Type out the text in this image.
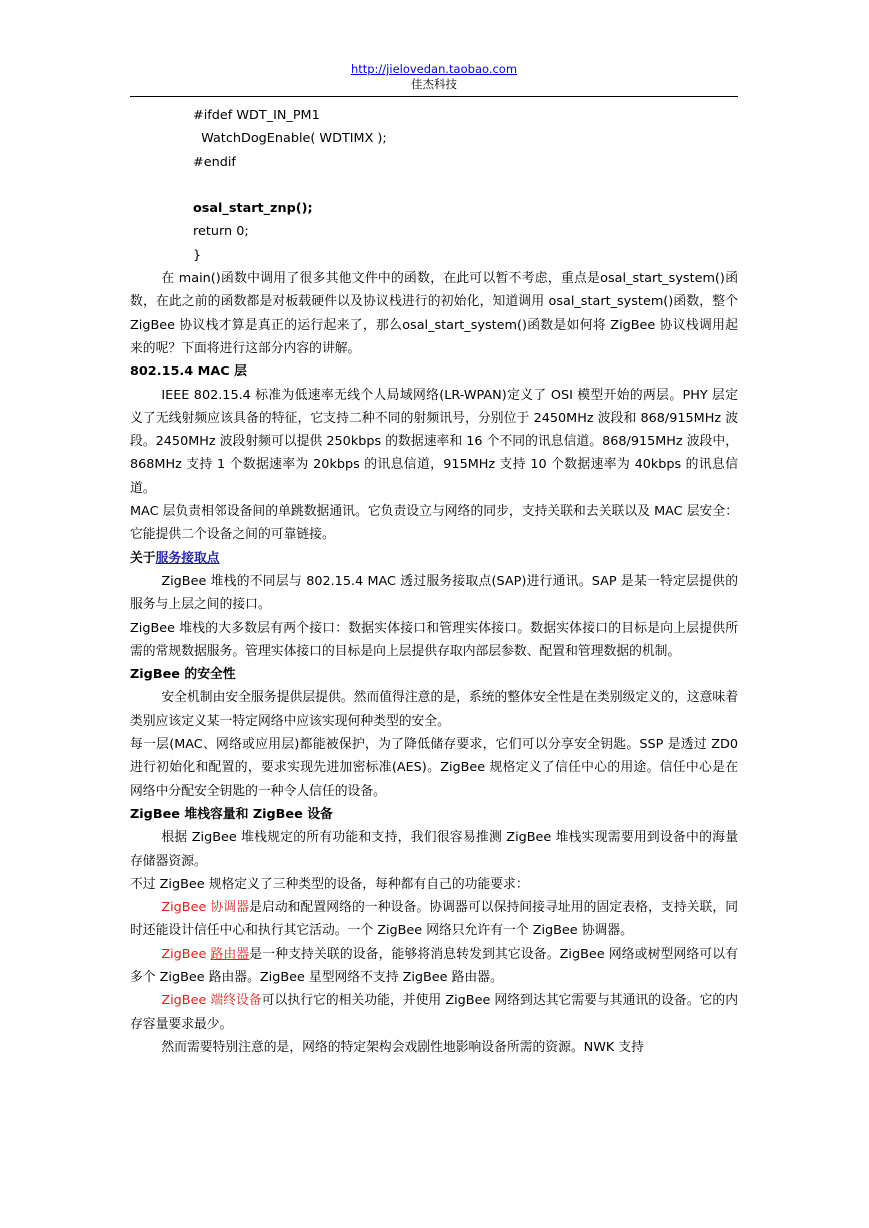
http://jielovedan.taobao.com
佳杰科技

#ifdef WDT_IN_PM1

WatchDogEnable( WDTIMX );

#endif

osal_start_znp();

return 0;

}

在 main()函数中调用了很多其他文件中的函数，在此可以暂不考虑，重点是osal_start_system()函数，在此之前的函数都是对板载硬件以及协议栈进行的初始化，知道调用 osal_start_system()函数，整个 ZigBee 协议栈才算是真正的运行起来了，那么osal_start_system()函数是如何将 ZigBee 协议栈调用起来的呢？下面将进行这部分内容的讲解。

802.15.4 MAC 层

IEEE 802.15.4 标准为低速率无线个人局域网络(LR-WPAN)定义了 OSI 模型开始的两层。PHY 层定义了无线射频应该具备的特征，它支持二种不同的射频讯号，分别位于 2450MHz 波段和 868/915MHz 波段。2450MHz 波段射频可以提供 250kbps 的数据速率和 16 个不同的讯息信道。868/915MHz 波段中，868MHz 支持 1 个数据速率为 20kbps 的讯息信道，915MHz 支持 10 个数据速率为 40kbps 的讯息信道。

MAC 层负责相邻设备间的单跳数据通讯。它负责设立与网络的同步，支持关联和去关联以及 MAC 层安全：它能提供二个设备之间的可靠链接。

关于服务接取点

ZigBee 堆栈的不同层与 802.15.4 MAC 透过服务接取点(SAP)进行通讯。SAP 是某一特定层提供的服务与上层之间的接口。

ZigBee 堆栈的大多数层有两个接口：数据实体接口和管理实体接口。数据实体接口的目标是向上层提供所需的常规数据服务。管理实体接口的目标是向上层提供存取内部层参数、配置和管理数据的机制。

ZigBee 的安全性

安全机制由安全服务提供层提供。然而值得注意的是，系统的整体安全性是在类别级定义的，这意味着类别应该定义某一特定网络中应该实现何种类型的安全。

每一层(MAC、网络或应用层)都能被保护，为了降低储存要求，它们可以分享安全钥匙。SSP 是透过 ZD0 进行初始化和配置的，要求实现先进加密标准(AES)。ZigBee 规格定义了信任中心的用途。信任中心是在网络中分配安全钥匙的一种令人信任的设备。

ZigBee 堆栈容量和 ZigBee 设备

根据 ZigBee 堆栈规定的所有功能和支持，我们很容易推测 ZigBee 堆栈实现需要用到设备中的海量存储器资源。

不过 ZigBee 规格定义了三种类型的设备，每种都有自己的功能要求：

ZigBee 协调器是启动和配置网络的一种设备。协调器可以保持间接寻址用的固定表格，支持关联，同时还能设计信任中心和执行其它活动。一个 ZigBee 网络只允许有一个 ZigBee 协调器。

ZigBee 路由器是一种支持关联的设备，能够将消息转发到其它设备。ZigBee 网络或树型网络可以有多个 ZigBee 路由器。ZigBee 星型网络不支持 ZigBee 路由器。

ZigBee 端终设备可以执行它的相关功能，并使用 ZigBee 网络到达其它需要与其通讯的设备。它的内存容量要求最少。

然而需要特别注意的是，网络的特定架构会戏剧性地影响设备所需的资源。NWK 支持
